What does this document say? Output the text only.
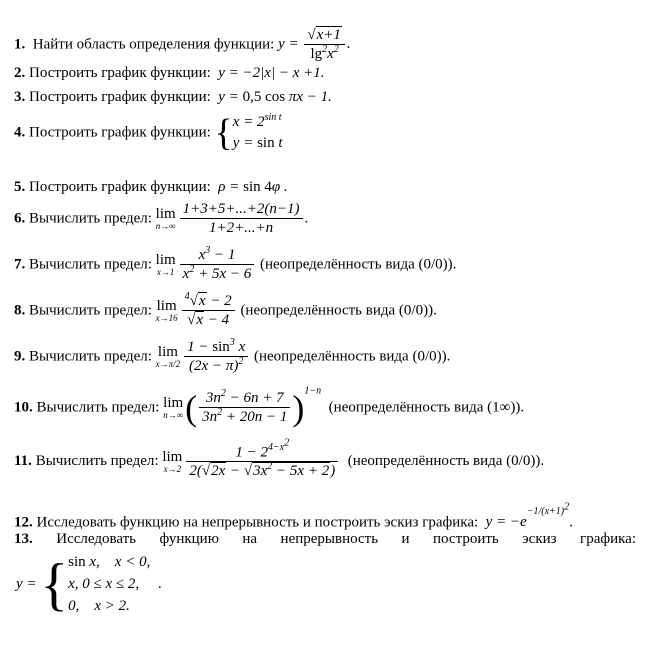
1. Найти область определения функции: $y = \frac{√x+1}{\lg^2x^2}$ .
2. Построить график функции:  y = −2|x| − x +1.
3. Построить график функции:  y = 0,5 cos πx − 1.
4. Построить график функции: {$x = 2^{sin t}$
y = sin t
5. Построить график функции:  ρ = sin 4φ .
6. Вычислить предел: lim
$n\to\infty \frac{1+3+5+...+2(n-1)}{1+2+...+n}$ .
7. Вычислить предел: lim
$x\to 1 \frac{x^3 - 1}{x^2 + 5x - 6}$ (неопределённость вида (0/0)).
8. Вычислить предел: lim
$x\to 16 \frac{^4√x - 2}{√x - 4}$ (неопределённость вида (0/0)).
9. Вычислить предел: lim
$x\to\pi/2 \frac{1 - \sin^3 x}{(2x - \pi)^2}$ (неопределённость вида (0/0)).
10. Вычислить предел: lim
n→∞ ( $\frac{3n^2 - 6n + 7}{3n^2 + 20n - 1} )^{1-n}$  (неопределённость вида (1∞)).
11. Вычислить предел: lim
$x\to 2 \frac{1 - 2^{4-x^2}}{2(√2x - √3x^2 - 5x + 2)}$ (неопределённость вида (0/0)).
12. Исследовать функцию на непрерывность и построить эскиз графика:  $y = -e^{-1/(x+1)^2}$.
13. Исследовать функцию на непрерывность и построить эскиз графика:
y = {sin x,    x < 0,
x, 0 ≤ x ≤ 2,
0,    x > 2.  .
